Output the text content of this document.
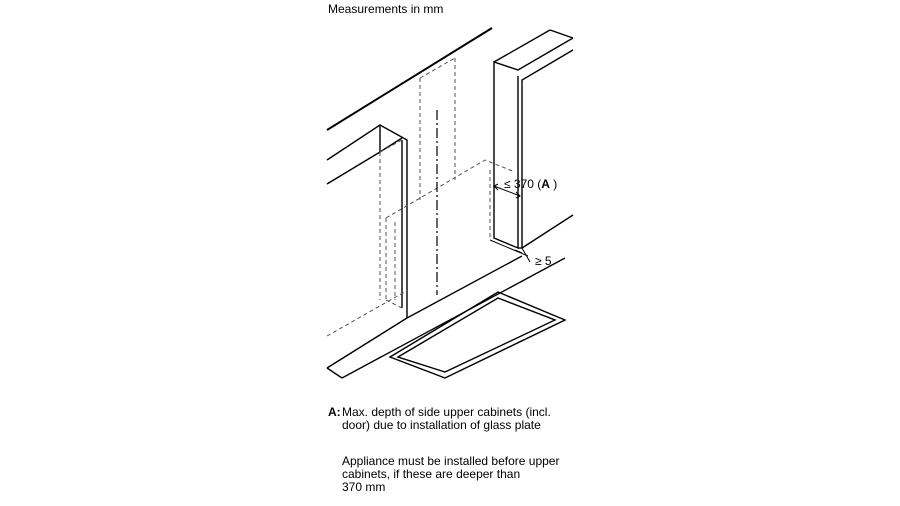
≤ 370 (A )
≥ 5
Measurements in mm
A: Max. depth of side upper cabinets (incl.
door) due to installation of glass plate
Appliance must be installed before upper
cabinets, if these are deeper than
370 mm
